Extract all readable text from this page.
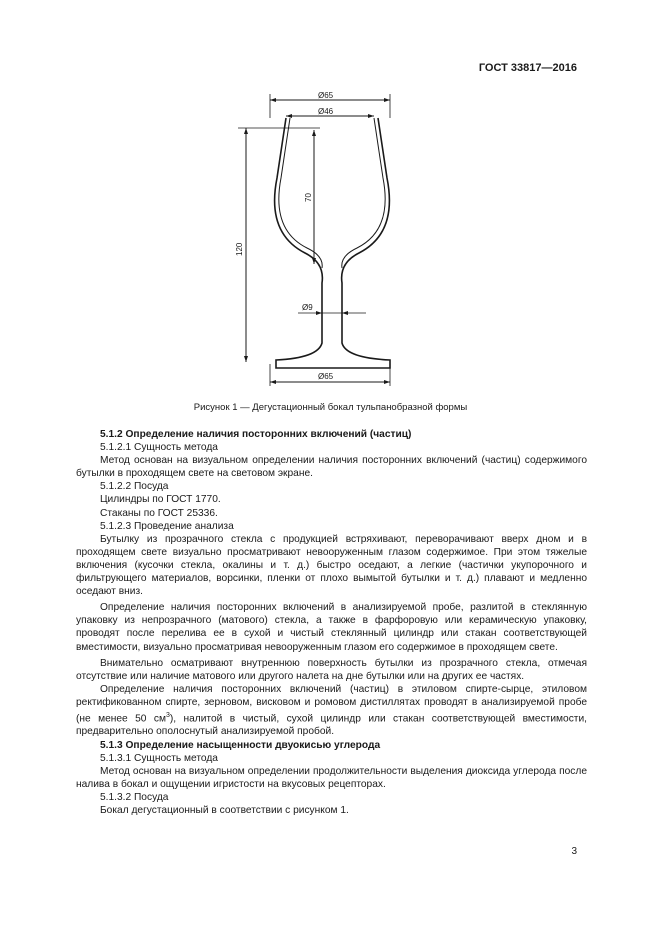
ГОСТ 33817—2016
Ø65
Ø46
120
70
Ø9
Ø65
Рисунок 1 — Дегустационный бокал тульпанобразной формы

5.1.2 Определение наличия посторонних включений (частиц)

5.1.2.1 Сущность метода

Метод основан на визуальном определении наличия посторонних включений (частиц) содержимого бутылки в проходящем свете на световом экране.

5.1.2.2 Посуда

Цилиндры по ГОСТ 1770.

Стаканы по ГОСТ 25336.

5.1.2.3 Проведение анализа

Бутылку из прозрачного стекла с продукцией встряхивают, переворачивают вверх дном и в проходящем свете визуально просматривают невооруженным глазом содержимое. При этом тяжелые включения (кусочки стекла, окалины и т. д.) быстро оседают, а легкие (частички укупорочного и фильтрующего материалов, ворсинки, пленки от плохо вымытой бутылки и т. д.) плавают и медленно оседают вниз.

Определение наличия посторонних включений в анализируемой пробе, разлитой в стеклянную упаковку из непрозрачного (матового) стекла, а также в фарфоровую или керамическую упаковку, проводят после перелива ее в сухой и чистый стеклянный цилиндр или стакан соответствующей вместимости, визуально просматривая невооруженным глазом его содержимое в проходящем свете.

Внимательно осматривают внутреннюю поверхность бутылки из прозрачного стекла, отмечая отсутствие или наличие матового или другого налета на дне бутылки или на других ее частях.

Определение наличия посторонних включений (частиц) в этиловом спирте-сырце, этиловом ректификованном спирте, зерновом, висковом и ромовом дистиллятах проводят в анализируемой пробе (не менее 50 $см^3$), налитой в чистый, сухой цилиндр или стакан соответствующей вместимости, предварительно ополоснутый анализируемой пробой.

5.1.3 Определение насыщенности двуокисью углерода

5.1.3.1 Сущность метода

Метод основан на визуальном определении продолжительности выделения диоксида углерода после налива в бокал и ощущении игристости на вкусовых рецепторах.

5.1.3.2 Посуда

Бокал дегустационный в соответствии с рисунком 1.

3
